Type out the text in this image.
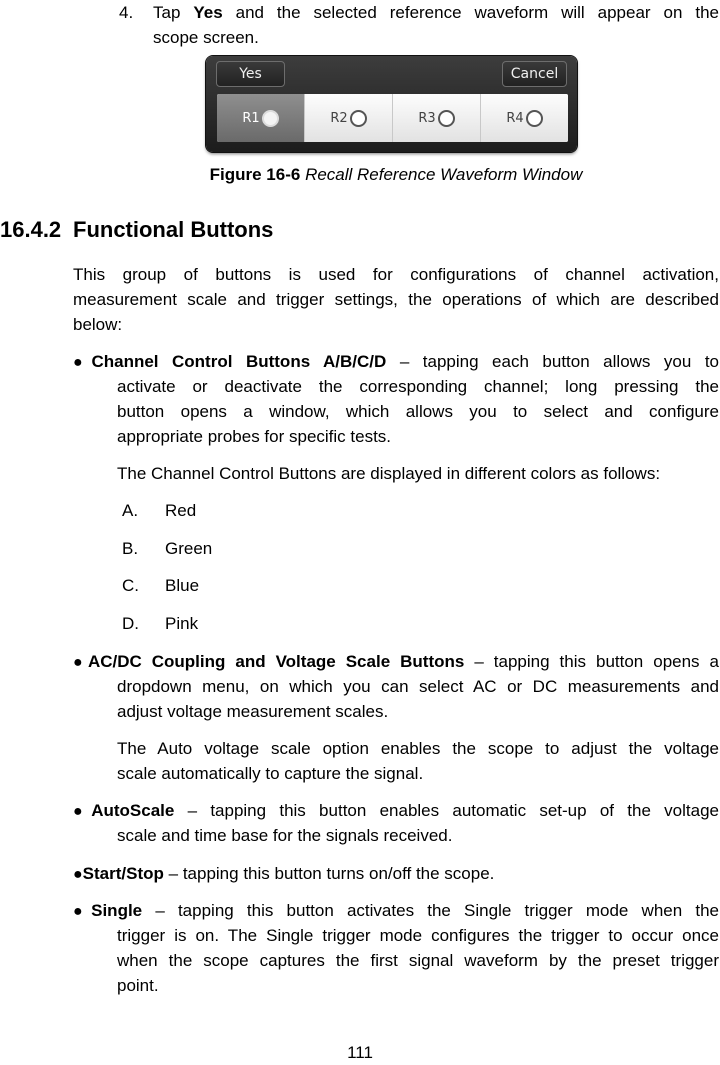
4. Tap Yes and the selected reference waveform will appear on the
scope screen.
Yes	Cancel
R1	R2	R3	R4
Figure 16-6 Recall Reference Waveform Window
16.4.2 Functional Buttons
This group of buttons is used for configurations of channel activation,
measurement scale and trigger settings, the operations of which are described
below:
●Channel Control Buttons A/B/C/D – tapping each button allows you to
activate or deactivate the corresponding channel; long pressing the
button opens a window, which allows you to select and configure
appropriate probes for specific tests.
The Channel Control Buttons are displayed in different colors as follows:
A. Red
B. Green
C. Blue
D. Pink
●AC/DC Coupling and Voltage Scale Buttons – tapping this button opens a
dropdown menu, on which you can select AC or DC measurements and
adjust voltage measurement scales.
The Auto voltage scale option enables the scope to adjust the voltage
scale automatically to capture the signal.
●AutoScale – tapping this button enables automatic set-up of the voltage
scale and time base for the signals received.
●Start/Stop – tapping this button turns on/off the scope.
●Single – tapping this button activates the Single trigger mode when the
trigger is on. The Single trigger mode configures the trigger to occur once
when the scope captures the first signal waveform by the preset trigger
point.
111
